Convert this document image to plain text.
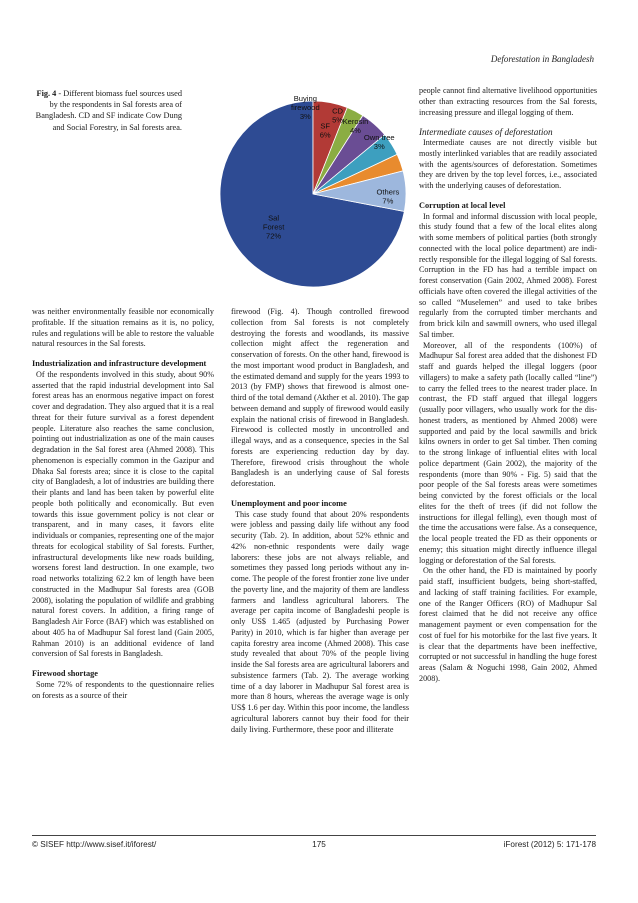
Deforestation in Bangladesh
Fig. 4 - Different biomass fuel sources used by the respondents in Sal forests area of Bangladesh. CD and SF indicate Cow Dung and Social Forestry, in Sal forests area.
Sal Forest 72%
SF 6%
Buying firewood 3%
CD 5% Kerosin 4%
Own tree 3%
Others 7%

was neither environmentally feasible nor economically profitable. If the situation remains as it is, no policy, rules and regulations will be able to restore the valuable natural resources in the Sal forests.

Industrialization and infrastructure development

Of the respondents involved in this study, about 90% asserted that the rapid industrial development into Sal forest areas has an enormous negative impact on forest cover and degradation. They also argued that it is a real threat for their future survival as a forest dependent people. Literature also reaches the same conclusion, pointing out industrialization as one of the main causes degradation in the Sal forest area (Ahmed 2008). This phenomenon is especially common in the Gazipur and Dhaka Sal forests area; since it is close to the capital city of Bangladesh, a lot of industries are building there their plants and land has been taken by powerful elite people both politically and economically. But even towards this issue government policy is not clear or transparent, and in many cases, it favors elite individuals or companies, representing one of the major threats for ecological stability of Sal forests. Further, infrastructural developments like new roads building, worsens forest land destruction. In one example, two road networks totalizing 62.2 km of length have been constructed in the Madhupur Sal forests area (GOB 2008), isolating the population of wildlife and grabbing natural forest covers. In addition, a firing range of Bangladesh Air Force (BAF) which was established on about 405 ha of Madhupur Sal forest land (Gain 2005, Rahman 2010) is an additional evidence of land conversion of Sal forests in Bangladesh.

Firewood shortage

Some 72% of respondents to the questionnaire relies on forests as a source of their

firewood (Fig. 4). Though controlled firewood collection from Sal forests is not completely destroying the forests and woodlands, its massive collection might affect the regeneration and conservation of forests. On the other hand, firewood is the most important wood product in Bangladesh, and the estimated demand and supply for the years 1993 to 2013 (by FMP) shows that firewood is almost one-third of the total demand (Akther et al. 2010). The gap between demand and supply of firewood would easily explain the national crisis of firewood in Bangladesh. Firewood is collected mostly in uncontrolled and illegal ways, and as a consequence, species in the Sal forests are experiencing reduction day by day. Therefore, firewood crisis throughout the whole Bangladesh is an underlying cause of Sal forests deforestation.

Unemployment and poor income

This case study found that about 20% respondents were jobless and passing daily life without any food security (Tab. 2). In addition, about 52% ethnic and 42% non-ethnic respondents were daily wage laborers: these jobs are not always reliable, and sometimes they passed long periods without any income. The people of the forest frontier zone live under the poverty line, and the majority of them are landless farmers and landless agricultural laborers. The average per capita income of Bangladeshi people is only US$ 1.465 (adjusted by Purchasing Power Parity) in 2010, which is far higher than average per capita forestry area income (Ahmed 2008). This case study revealed that about 70% of the people living inside the Sal forests area are agricultural laborers and subsistence farmers (Tab. 2). The average working time of a day laborer in Madhupur Sal forest area is more than 8 hours, whereas the average wage is only US$ 1.6 per day. Within this poor income, the landless agricultural laborers cannot buy their food for their daily living. Furthermore, these poor and illiterate

people cannot find alternative livelihood opportunities other than extracting resources from the Sal forests, increasing pressure and illegal logging of them.

Intermediate causes of deforestation

Intermediate causes are not directly visible but mostly interlinked variables that are readily associated with the agents/sources of deforestation. Sometimes they are driven by the top level forces, i.e., associated with the underlying causes of deforestation.

Corruption at local level

In formal and informal discussion with local people, this study found that a few of the local elites along with some members of political parties (both strongly connected with the local police department) are indirectly responsible for the illegal logging of Sal forests. Corruption in the FD has had a terrible impact on forest conservation (Gain 2002, Ahmed 2008). Forest officials have often covered the illegal activities of the so called “Muselemen” and used to take bribes regularly from the corrupted timber merchants and from brick kiln and sawmill owners, who used illegal Sal timber.

Moreover, all of the respondents (100%) of Madhupur Sal forest area added that the dishonest FD staff and guards helped the illegal loggers (poor villagers) to make a safety path (locally called “line”) to carry the felled trees to the nearest trader place. In contrast, the FD staff argued that illegal loggers (usually poor villagers, who usually work for the dishonest traders, as mentioned by Ahmed 2008) were supported and paid by the local sawmills and brick kilns owners in order to get Sal timber. Then coming to the strong linkage of influential elites with local police department (Gain 2002), the majority of the respondents (more than 90% - Fig. 5) said that the poor people of the Sal forests areas were sometimes being convicted by the forest officials or the local elites for the theft of trees (if did not follow the instructions for illegal felling), even though most of the time the accusations were false. As a consequence, the local people treated the FD as their opponents or enemy; this situation might directly influence illegal logging or deforestation of the Sal forests.

On the other hand, the FD is maintained by poorly paid staff, insufficient budgets, being short-staffed, and lacking of staff training facilities. For example, one of the Ranger Officers (RO) of Madhupur Sal forest claimed that he did not receive any office management payment or even compensation for the cost of fuel for his motorbike for the last five years. It is clear that the departments have been ineffective, corrupted or not successful in handling the huge forest areas (Salam & Noguchi 1998, Gain 2002, Ahmed 2008).

© SISEF http://www.sisef.it/iforest/	175	iForest (2012) 5: 171-178
